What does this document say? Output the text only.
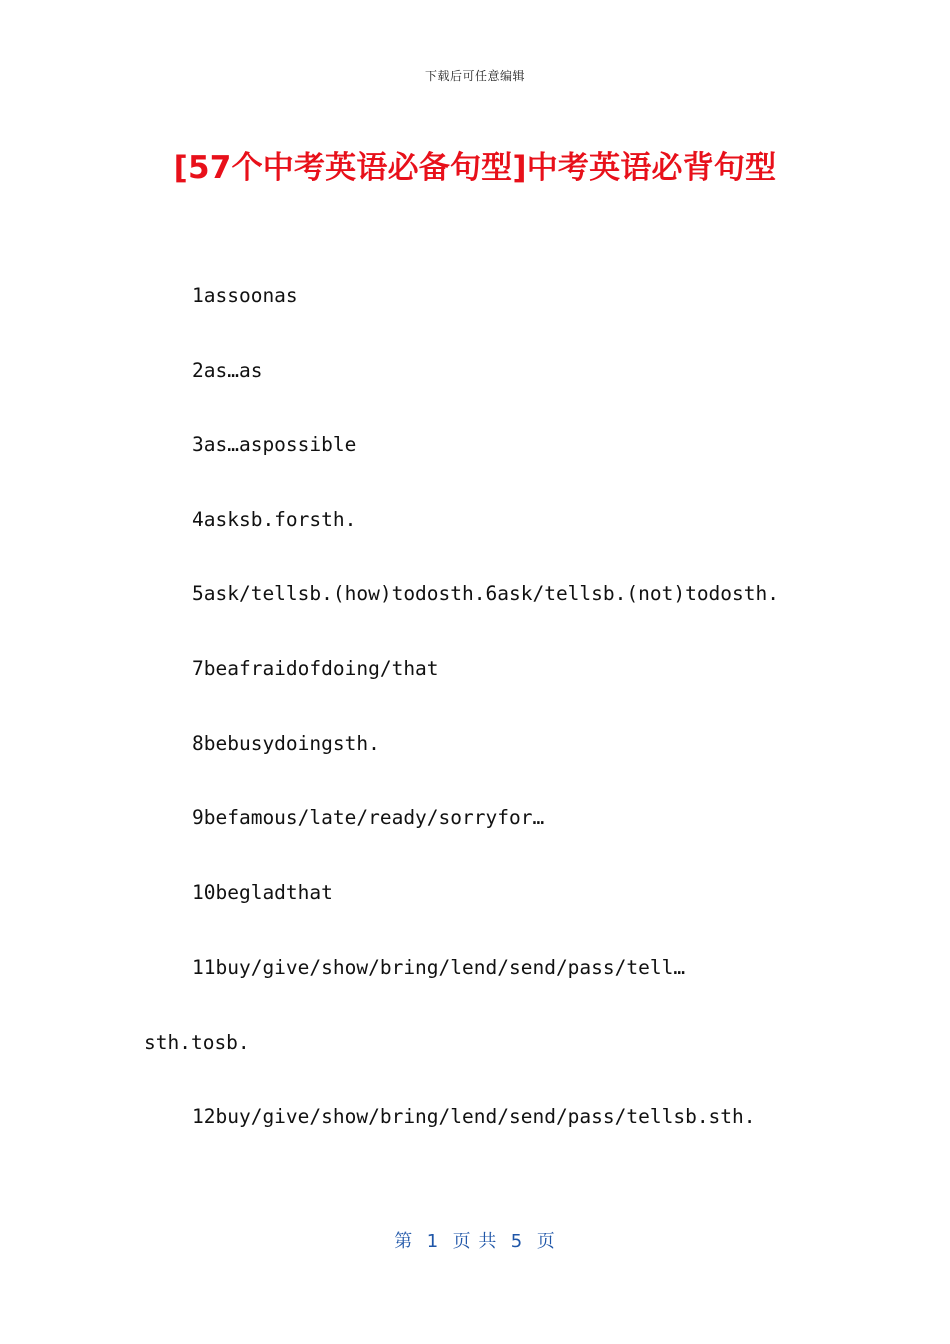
下载后可任意编辑
[57个中考英语必备句型]中考英语必背句型
1assoonas
2as…as
3as…aspossible
4asksb.forsth.
5ask/tellsb.(how)todosth.6ask/tellsb.(not)todosth.
7beafraidofdoing/that
8bebusydoingsth.
9befamous/late/ready/sorryfor…
10begladthat
11buy/give/show/bring/lend/send/pass/tell…
sth.tosb.
12buy/give/show/bring/lend/send/pass/tellsb.sth.
第  1  页 共  5  页
